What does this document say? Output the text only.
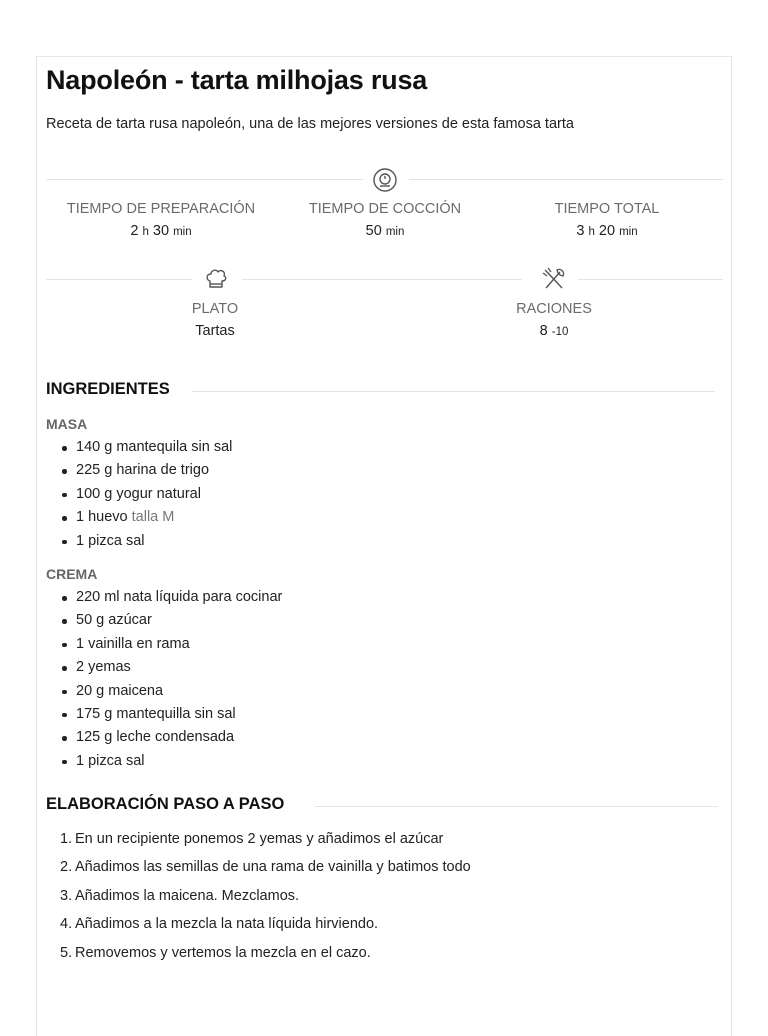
Napoleón - tarta milhojas rusa
Receta de tarta rusa napoleón, una de las mejores versiones de esta famosa tarta
TIEMPO DE PREPARACIÓN
2 h 30 min
TIEMPO DE COCCIÓN
50 min
TIEMPO TOTAL
3 h 20 min
PLATO
Tartas
RACIONES
8 -10
INGREDIENTES
MASA
140 g mantequila sin sal
225 g harina de trigo
100 g yogur natural
1 huevo talla M
1 pizca sal
CREMA
220 ml nata líquida para cocinar
50 g azúcar
1 vainilla en rama
2 yemas
20 g maicena
175 g mantequilla sin sal
125 g leche condensada
1 pizca sal
ELABORACIÓN PASO A PASO
1. En un recipiente ponemos 2 yemas y añadimos el azúcar
2. Añadimos las semillas de una rama de vainilla y batimos todo
3. Añadimos la maicena. Mezclamos.
4. Añadimos a la mezcla la nata líquida hirviendo.
5. Removemos y vertemos la mezcla en el cazo.
